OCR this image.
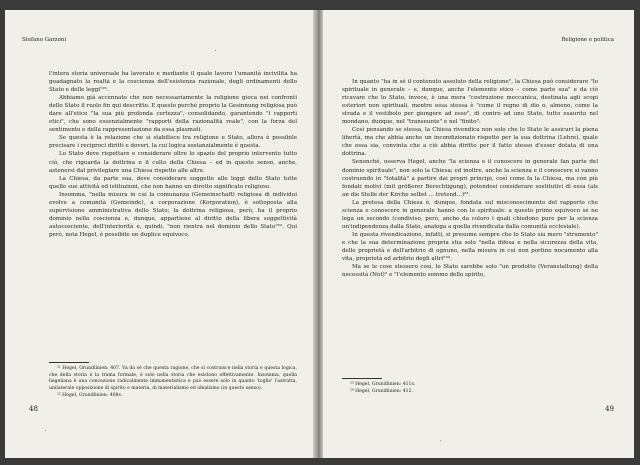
Stefano Garzoni

l'intera storia universale ha lavorato e mediante il quale lavoro l'umanità incivilita ha guadagnato la realtà e la coscienza dell'esistenza razionale, degli ordinamenti dello Stato e delle leggi"²¹.

Abbiamo già accennato che non necessariamente la religione gioca nei confronti dello Stato il ruolo fin qui descritto. E questo perché proprio la Gesinnung religiosa può dare all'etico "la sua più profonda certezza", consolidando, garantendo "i rapporti etici", che sono essenzialmente "rapporti della razionalità reale", con la forza del sentimento e della rappresentazione da essa plasmati.

Se questa è la relazione che si stabilisce tra religione e Stato, allora è possibile precisare i reciproci diritti e doveri, la cui logica sostanzialmente è questa.

Lo Stato deve rispettare e considerare oltre lo spazio del proprio intervento tutto ciò, che riguarda la dottrina e il culto della Chiesa – ed in questo senso, anche, astenersi dal privilegiare una Chiesa rispetto alle altre.

La Chiesa, da parte sua, deve considerare soggette alle leggi dello Stato tutte quelle sue attività ed istituzioni, che non hanno un diretto significato religioso.

Insomma, "nella misura in cui la comunanza (Gemeinschaft) religiosa di individui evolve a comunità (Gemeinde), a corporazione (Korporation), è sottoposta alla supervisione amministrativa dello Stato; la dottrina religiosa, però, ha il proprio dominio nella coscienza e, dunque, appartiene al diritto della libera soggettività autocosciente, dell'interiorità e, quindi, "non rientra nel dominio dello Stato"²². Qui però, nota Hegel, è possibile un duplice equivoco.

²¹ Hegel, Grundlinien: 407. Va da sé che questa ragione, che si costruisce nella storia e questa logica, che della storia è la trama formale, è solo nella storia che esistono effettivamente. Insomma, quella hegeliana è una concezione radicalmente immanentistica e può essere solo in quanto 'toglie' l'astratta, unilaterale opposizione di spirito e materia, di materialismo ed idealismo (in questo senso).

²² Hegel, Grundlinien: 408s.

48
Religione e politica

In quanto "ha in sé il contenuto assoluto della religione", la Chiesa può considerare "lo spirituale in generale – e, dunque, anche l'elemento etico – come parte sua" e da ciò ricavare che lo Stato, invece, è una mera "costruzione meccanica, destinata agli scopi esteriori non spirituali, mentre essa stessa è "come il regno di dio o, almeno, come la strada e il vestibolo per giungere ad esso", di contro ad uno Stato, tutto esaurito nel mondano, dunque, nel "transeunte" e nel "finito".

Così pensando se stessa, la Chiesa rivendica non solo che lo Stato le assicuri la piena libertà, ma che abbia anche un incondizionato rispetto per la sua dottrina (Lehre), quale che essa sia, convinta che a ciò abbia diritto per il fatto stesso d'esser dotata di una dottrina.

Senonché, osserva Hegel, anche "la scienza e il conoscere in generale fan parte del dominio spirituale", non solo la Chiesa; ed inoltre, anche la scienza e il conoscere si vanno costruendo in "totalità" a partire dai propri principi, così come fa la Chiesa, ma con più fondati motivi (mit größerer Berechtigung), potendosi considerare sostitutivi di essa (als an die Stelle der Kirche selbst ... tretend...)²³.

La pretesa della Chiesa è, dunque, fondata sul misconoscimento del rapporto che scienza e conoscere in generale hanno con lo spirituale: a questo primo equivoco se ne lega un secondo (condiviso, però, anche da coloro i quali chiedono pure per la scienza un'indipendenza dalla Stato, analoga a quella rivendicata dalla comunità ecclesiale).

In questa rivendicazione, infatti, si presume sempre che lo Stato sia mero "strumento" e che la sua determinazione propria stia solo "nella difesa e nella sicurezza della vita, delle proprietà e dell'arbitrio di ognuno, nella misura in cui non portino nocumento alla vita, proprietà ed arbitrio degli altri"²⁴.

Ma se le cose stessero così, lo Stato sarebbe solo "un prodotto (Veranstaltung) della necessità (Not)" e "l'elemento sommo dello spirito,

²³ Hegel, Grundlinien: 411s.

²⁴ Hegel, Grundlinien: 412.

49
